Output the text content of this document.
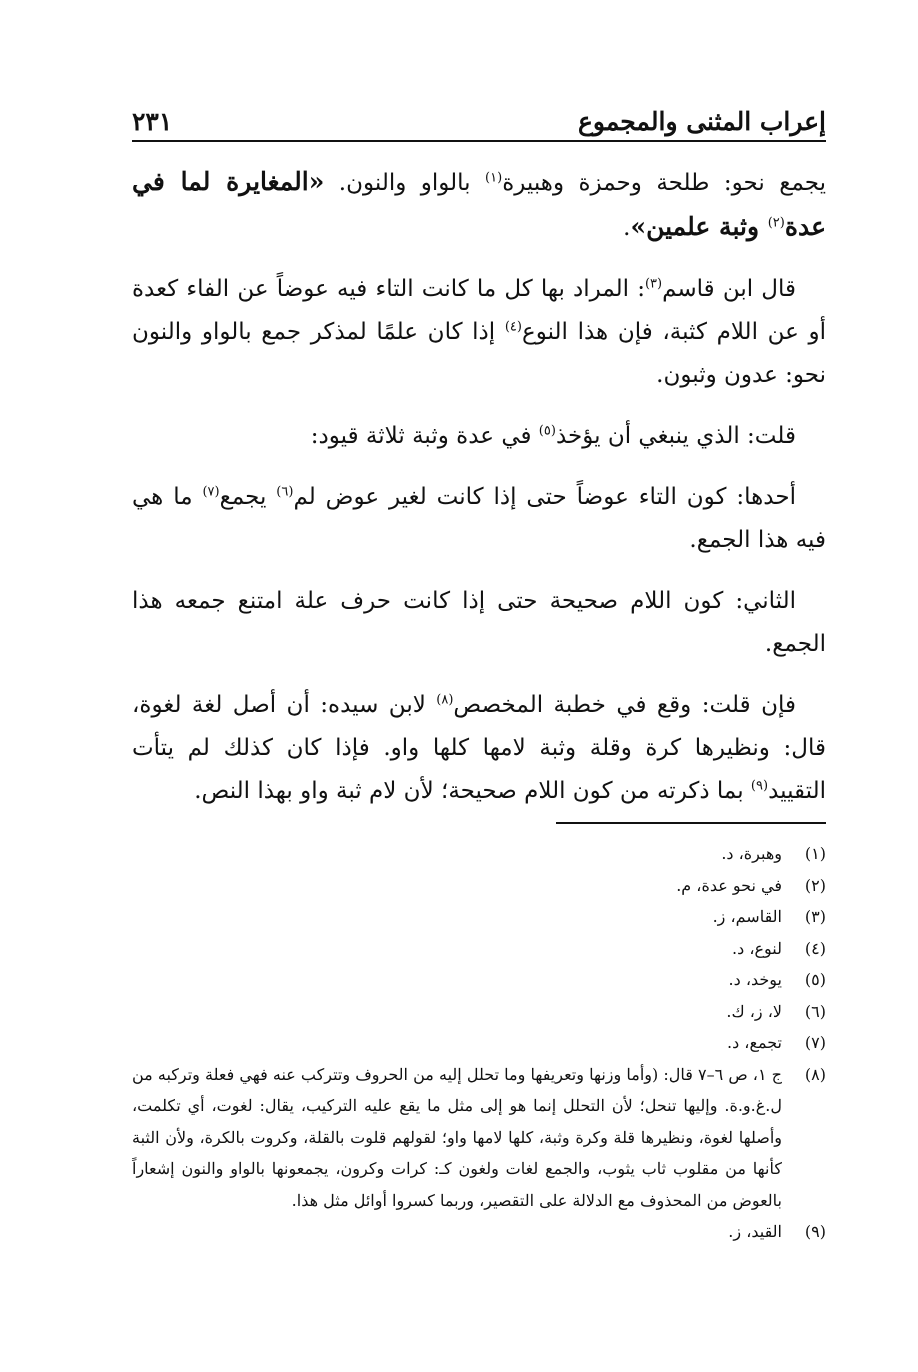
إعراب المثنى والمجموع
٢٣١

يجمع نحو: طلحة وحمزة وهبيرة$^{(١)}$ بالواو والنون. «المغايرة لما في عدة$^{(٢)}$ وثبة علمين».

قال ابن قاسم$^{(٣)}$: المراد بها كل ما كانت التاء فيه عوضاً عن الفاء كعدة أو عن اللام كثبة، فإن هذا النوع$^{(٤)}$ إذا كان علمًا لمذكر جمع بالواو والنون نحو: عدون وثبون.

قلت: الذي ينبغي أن يؤخذ$^{(٥)}$ في عدة وثبة ثلاثة قيود:

أحدها: كون التاء عوضاً حتى إذا كانت لغير عوض لم$^{(٦)}$ يجمع$^{(٧)}$ ما هي فيه هذا الجمع.

الثاني: كون اللام صحيحة حتى إذا كانت حرف علة امتنع جمعه هذا الجمع.

فإن قلت: وقع في خطبة المخصص$^{(٨)}$ لابن سيده: أن أصل لغة لغوة، قال: ونظيرها كرة وقلة وثبة لامها كلها واو. فإذا كان كذلك لم يتأت التقييد$^{(٩)}$ بما ذكرته من كون اللام صحيحة؛ لأن لام ثبة واو بهذا النص.

(١)
وهبرة، د.
(٢)
في نحو عدة، م.
(٣)
القاسم، ز.
(٤)
لنوع، د.
(٥)
يوخد، د.
(٦)
لا، ز، ك.
(٧)
تجمع، د.
(٨)
ج ١، ص ٦–٧ قال: (وأما وزنها وتعريفها وما تحلل إليه من الحروف وتتركب عنه فهي فعلة وتركبه من ل.غ.و.ة. وإليها تنحل؛ لأن التحلل إنما هو إلى مثل ما يقع عليه التركيب، يقال: لغوت، أي تكلمت، وأصلها لغوة، ونظيرها قلة وكرة وثبة، كلها لامها واو؛ لقولهم قلوت بالقلة، وكروت بالكرة، ولأن الثبة كأنها من مقلوب ثاب يثوب، والجمع لغات ولغون كـ: كرات وكرون، يجمعونها بالواو والنون إشعاراً بالعوض من المحذوف مع الدلالة على التقصير، وربما كسروا أوائل مثل هذا.
(٩)
القيد، ز.
